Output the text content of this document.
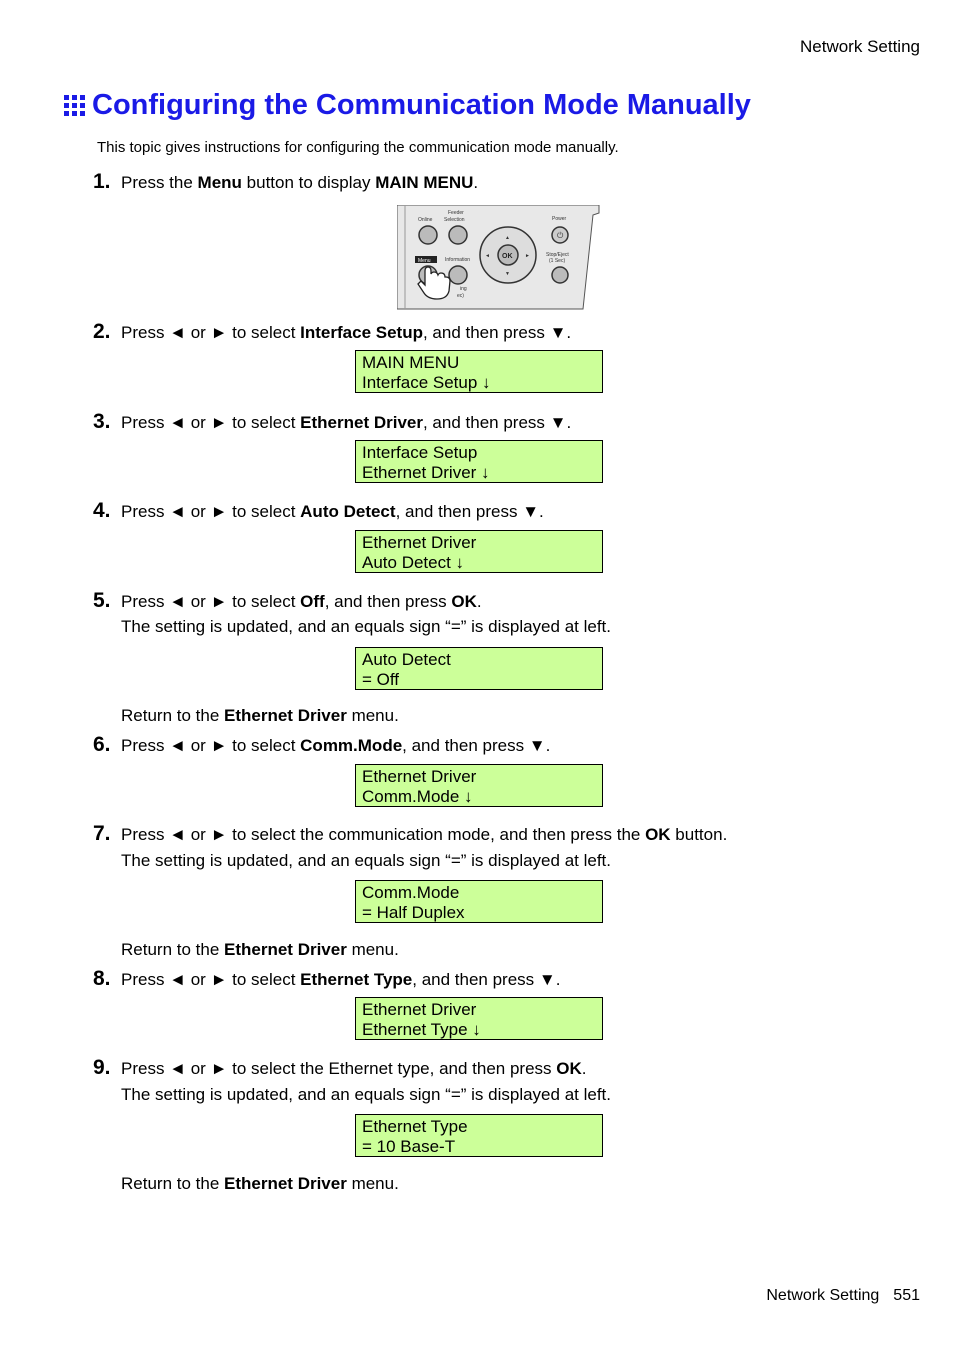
Network Setting
Configuring the Communication Mode Manually
This topic gives instructions for configuring the communication mode manually.
1. Press the Menu button to display MAIN MENU.
Online
Feeder
Selection	Power
⏻
OK
▲
▼
◄	►	Stop/Eject
(1 Sec)
Menu	Information
ing
ec)
2. Press ◄ or ► to select Interface Setup, and then press ▼.
MAIN MENU
Interface Setup ↓
3. Press ◄ or ► to select Ethernet Driver, and then press ▼.
Interface Setup
Ethernet Driver ↓
4. Press ◄ or ► to select Auto Detect, and then press ▼.
Ethernet Driver
Auto Detect ↓
5. Press ◄ or ► to select Off, and then press OK.
The setting is updated, and an equals sign “=” is displayed at left.
Auto Detect
= Off
Return to the Ethernet Driver menu.
6. Press ◄ or ► to select Comm.Mode, and then press ▼.
Ethernet Driver
Comm.Mode ↓
7. Press ◄ or ► to select the communication mode, and then press the OK button.
The setting is updated, and an equals sign “=” is displayed at left.
Comm.Mode
= Half Duplex
Return to the Ethernet Driver menu.
8. Press ◄ or ► to select Ethernet Type, and then press ▼.
Ethernet Driver
Ethernet Type ↓
9. Press ◄ or ► to select the Ethernet type, and then press OK.
The setting is updated, and an equals sign “=” is displayed at left.
Ethernet Type
= 10 Base-T
Return to the Ethernet Driver menu.
Network Setting 551
